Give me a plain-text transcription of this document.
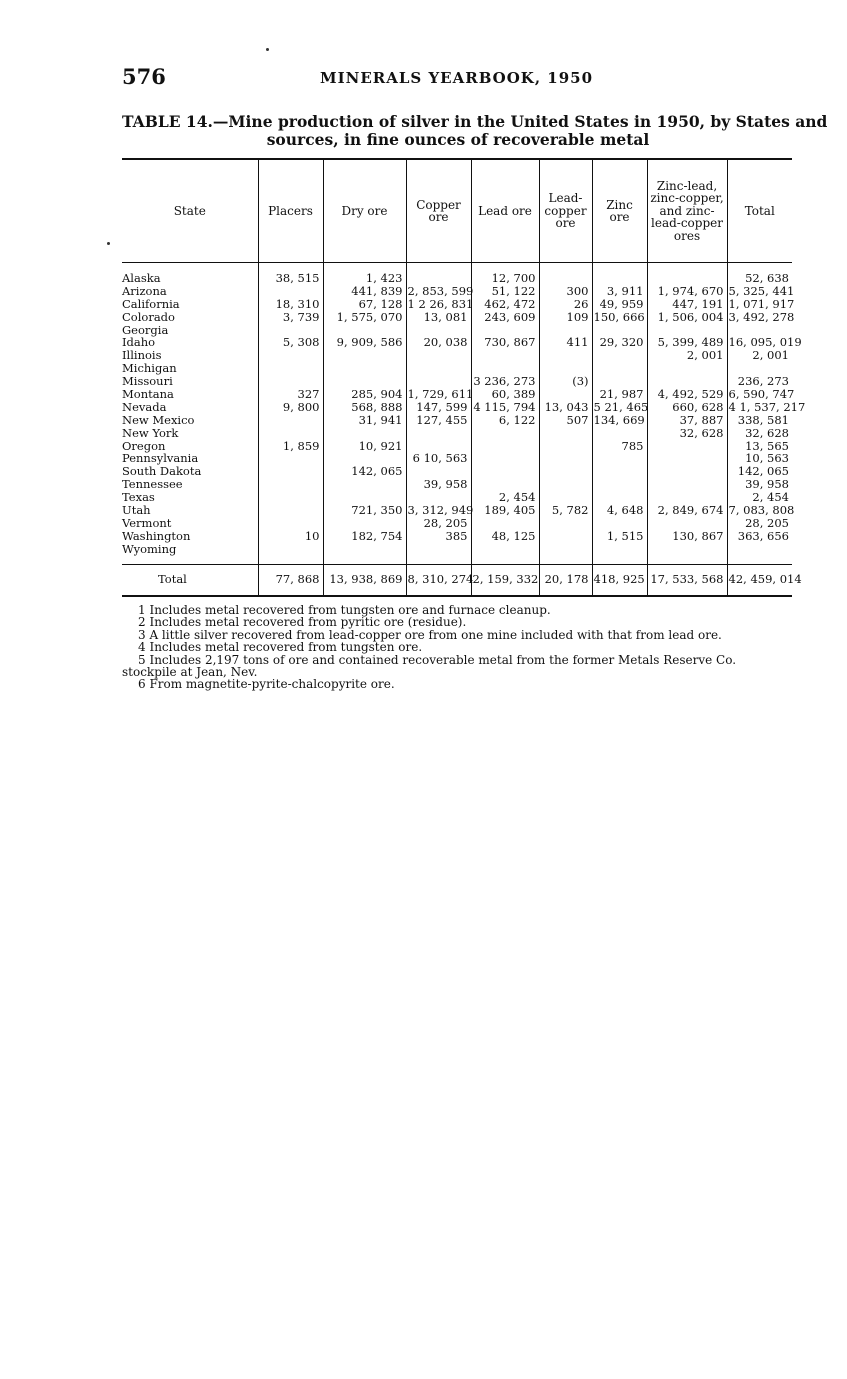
576	MINERALS YEARBOOK, 1950
TABLE 14.—Mine production of silver in the United States in 1950, by States and
sources, in fine ounces of recoverable metal
State	Placers	Dry ore	Copper ore	Lead ore	Lead-copper ore	Zinc ore	Zinc-lead, zinc-copper, and zinc-lead-copper ores	Total

Alaska	38, 515	1, 423		12, 700				52, 638
Arizona		441, 839	2, 853, 599	51, 122	300	3, 911	1, 974, 670	5, 325, 441
California	18, 310	67, 128	1 2 26, 831	462, 472	26	49, 959	447, 191	1, 071, 917
Colorado	3, 739	1, 575, 070	13, 081	243, 609	109	150, 666	1, 506, 004	3, 492, 278
Georgia								
Idaho	5, 308	9, 909, 586	20, 038	730, 867	411	29, 320	5, 399, 489	16, 095, 019
Illinois							2, 001	2, 001
Michigan								
Missouri				3 236, 273	(3)			236, 273
Montana	327	285, 904	1, 729, 611	60, 389		21, 987	4, 492, 529	6, 590, 747
Nevada	9, 800	568, 888	147, 599	4 115, 794	13, 043	5 21, 465	660, 628	4 1, 537, 217
New Mexico		31, 941	127, 455	6, 122	507	134, 669	37, 887	338, 581
New York							32, 628	32, 628
Oregon	1, 859	10, 921				785		13, 565
Pennsylvania			6 10, 563					10, 563
South Dakota		142, 065						142, 065
Tennessee			39, 958					39, 958
Texas				2, 454				2, 454
Utah		721, 350	3, 312, 949	189, 405	5, 782	4, 648	2, 849, 674	7, 083, 808
Vermont			28, 205					28, 205
Washington	10	182, 754	385	48, 125		1, 515	130, 867	363, 656
Wyoming								

Total	77, 868	13, 938, 869	8, 310, 274	2, 159, 332	20, 178	418, 925	17, 533, 568	42, 459, 014
1 Includes metal recovered from tungsten ore and furnace cleanup.
2 Includes metal recovered from pyritic ore (residue).
3 A little silver recovered from lead-copper ore from one mine included with that from lead ore.
4 Includes metal recovered from tungsten ore.
5 Includes 2,197 tons of ore and contained recoverable metal from the former Metals Reserve Co. stockpile at Jean, Nev.
6 From magnetite-pyrite-chalcopyrite ore.
